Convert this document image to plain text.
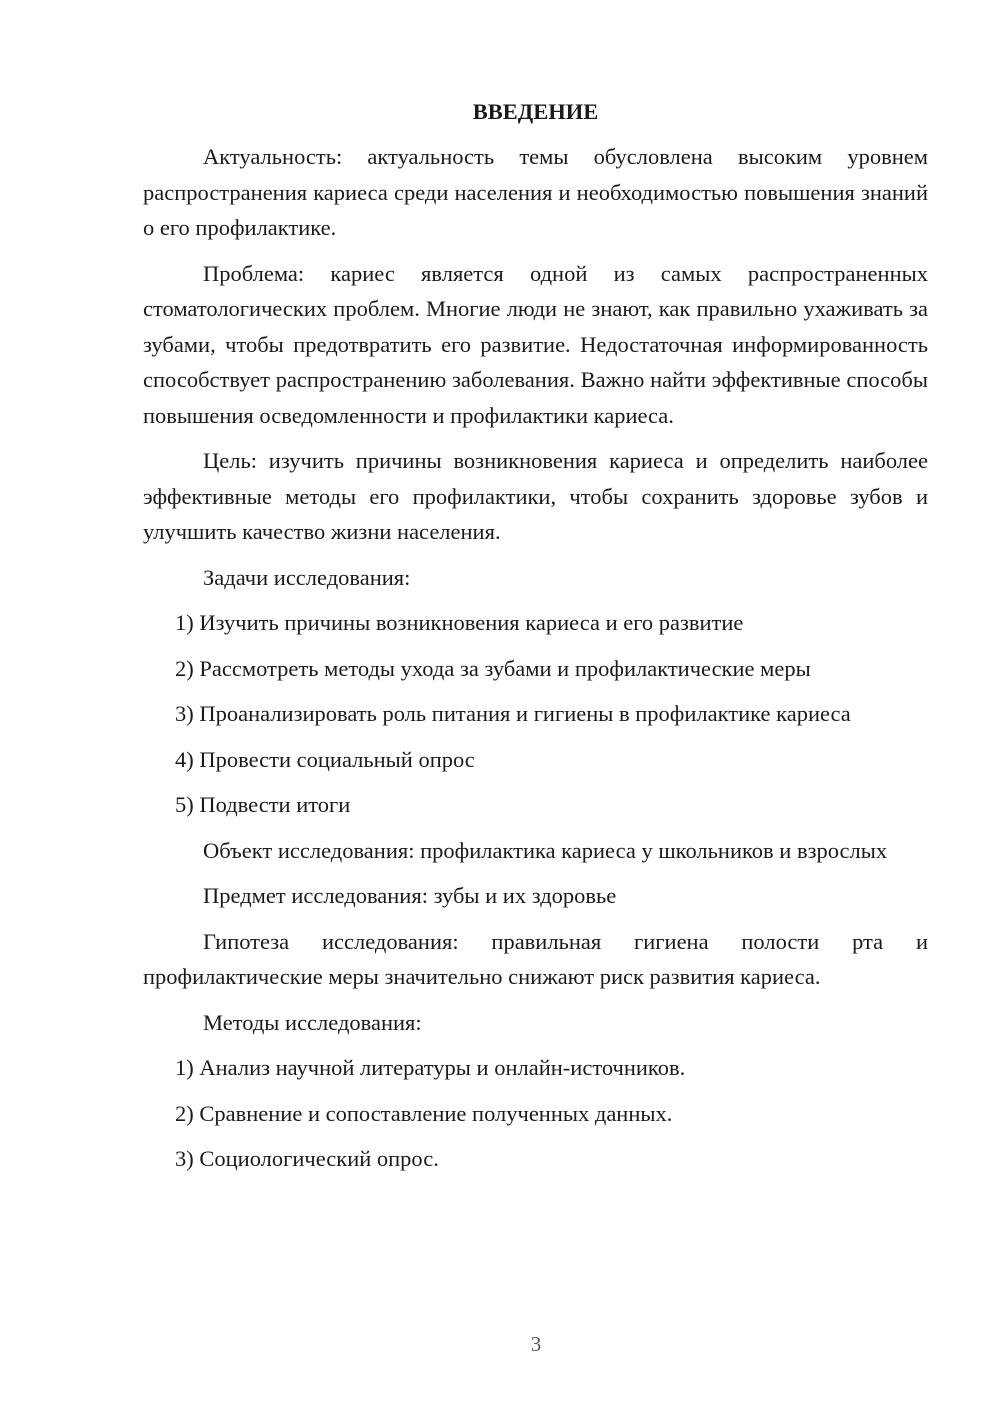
ВВЕДЕНИЕ

Актуальность: актуальность темы обусловлена высоким уровнем распространения кариеса среди населения и необходимостью повышения знаний о его профилактике.

Проблема: кариес является одной из самых распространенных стоматологических проблем. Многие люди не знают, как правильно ухаживать за зубами, чтобы предотвратить его развитие. Недостаточная информированность способствует распространению заболевания. Важно найти эффективные способы повышения осведомленности и профилактики кариеса.

Цель: изучить причины возникновения кариеса и определить наиболее эффективные методы его профилактики, чтобы сохранить здоровье зубов и улучшить качество жизни населения.

Задачи исследования:

1) Изучить причины возникновения кариеса и его развитие
2) Рассмотреть методы ухода за зубами и профилактические меры
3) Проанализировать роль питания и гигиены в профилактике кариеса
4) Провести социальный опрос
5) Подвести итоги

Объект исследования: профилактика кариеса у школьников и взрослых

Предмет исследования: зубы и их здоровье

Гипотеза исследования: правильная гигиена полости рта и профилактические меры значительно снижают риск развития кариеса.

Методы исследования:

1) Анализ научной литературы и онлайн-источников.
2) Сравнение и сопоставление полученных данных.
3) Социологический опрос.
3
